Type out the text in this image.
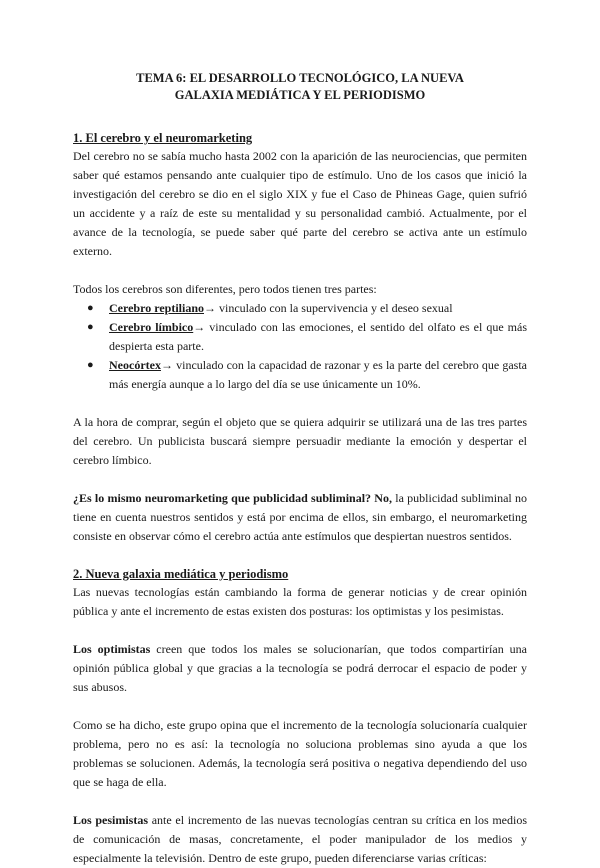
TEMA 6: EL DESARROLLO TECNOLÓGICO, LA NUEVA GALAXIA MEDIÁTICA Y EL PERIODISMO
1. El cerebro y el neuromarketing

Del cerebro no se sabía mucho hasta 2002 con la aparición de las neurociencias, que permiten saber qué estamos pensando ante cualquier tipo de estímulo. Uno de los casos que inició la investigación del cerebro se dio en el siglo XIX y fue el Caso de Phineas Gage, quien sufrió un accidente y a raíz de este su mentalidad y su personalidad cambió. Actualmente, por el avance de la tecnología, se puede saber qué parte del cerebro se activa ante un estímulo externo.

Todos los cerebros son diferentes, pero todos tienen tres partes:

● Cerebro reptiliano→ vinculado con la supervivencia y el deseo sexual
● Cerebro límbico→ vinculado con las emociones, el sentido del olfato es el que más despierta esta parte.
● Neocórtex→ vinculado con la capacidad de razonar y es la parte del cerebro que gasta más energía aunque a lo largo del día se use únicamente un 10%.

A la hora de comprar, según el objeto que se quiera adquirir se utilizará una de las tres partes del cerebro. Un publicista buscará siempre persuadir mediante la emoción y despertar el cerebro límbico.

¿Es lo mismo neuromarketing que publicidad subliminal? No, la publicidad subliminal no tiene en cuenta nuestros sentidos y está por encima de ellos, sin embargo, el neuromarketing consiste en observar cómo el cerebro actúa ante estímulos que despiertan nuestros sentidos.

2. Nueva galaxia mediática y periodismo

Las nuevas tecnologías están cambiando la forma de generar noticias y de crear opinión pública y ante el incremento de estas existen dos posturas: los optimistas y los pesimistas.

Los optimistas creen que todos los males se solucionarían, que todos compartirían una opinión pública global y que gracias a la tecnología se podrá derrocar el espacio de poder y sus abusos.

Como se ha dicho, este grupo opina que el incremento de la tecnología solucionaría cualquier problema, pero no es así: la tecnología no soluciona problemas sino ayuda a que los problemas se solucionen. Además, la tecnología será positiva o negativa dependiendo del uso que se haga de ella.

Los pesimistas ante el incremento de las nuevas tecnologías centran su crítica en los medios de comunicación de masas, concretamente, el poder manipulador de los medios y especialmente la televisión. Dentro de este grupo, pueden diferenciarse varias críticas:
